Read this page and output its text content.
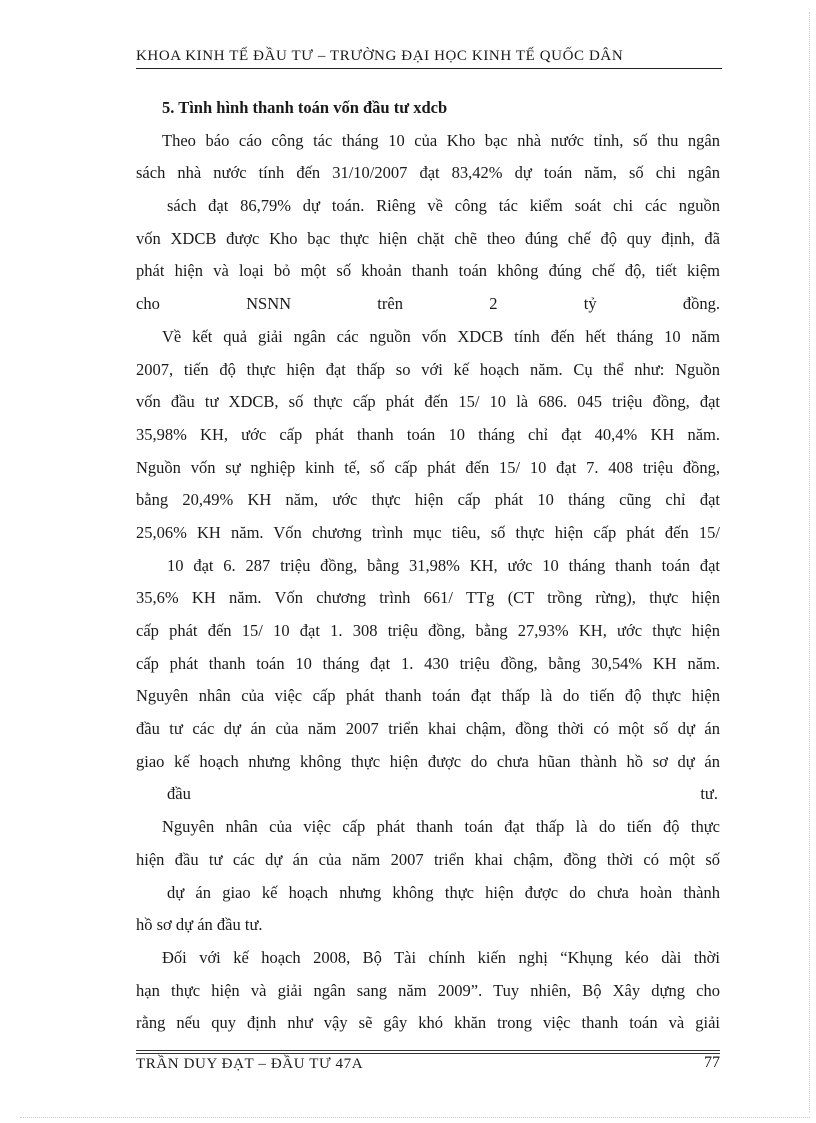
KHOA KINH TẾ ĐẦU TƯ – TRƯỜNG ĐẠI HỌC KINH TẾ QUỐC DÂN
5. Tình hình thanh toán vốn đầu tư xdcb
Theo báo cáo công tác tháng 10 của Kho bạc nhà nước tỉnh, số thu ngân
sách nhà nước tính đến 31/10/2007 đạt 83,42% dự toán năm, số chi ngân
sách đạt 86,79% dự toán. Riêng về công tác kiểm soát chi các nguồn
vốn XDCB được Kho bạc thực hiện chặt chẽ theo đúng chế độ quy định, đã
phát hiện và loại bỏ một số khoản thanh toán không đúng chế độ, tiết kiệm
cho NSNN trên 2 tỷ đồng.
Về kết quả giải ngân các nguồn vốn XDCB tính đến hết tháng 10 năm
2007, tiến độ thực hiện đạt thấp so với kế hoạch năm. Cụ thể như: Nguồn
vốn đầu tư XDCB, số thực cấp phát đến 15/ 10 là 686. 045 triệu đồng, đạt
35,98% KH, ước cấp phát thanh toán 10 tháng chỉ đạt 40,4% KH năm.
Nguồn vốn sự nghiệp kinh tế, số cấp phát đến 15/ 10 đạt 7. 408 triệu đồng,
bằng 20,49% KH năm, ước thực hiện cấp phát 10 tháng cũng chỉ đạt
25,06% KH năm. Vốn chương trình mục tiêu, số thực hiện cấp phát đến 15/
10 đạt 6. 287 triệu đồng, bằng 31,98% KH, ước 10 tháng thanh toán đạt
35,6% KH năm. Vốn chương trình 661/ TTg (CT trồng rừng), thực hiện
cấp phát đến 15/ 10 đạt 1. 308 triệu đồng, bằng 27,93% KH, ước thực hiện
cấp phát thanh toán 10 tháng đạt 1. 430 triệu đồng, bằng 30,54% KH năm.
Nguyên nhân của việc cấp phát thanh toán đạt thấp là do tiến độ thực hiện
đầu tư các dự án của năm 2007 triển khai chậm, đồng thời có một số dự án
giao kế hoạch nhưng không thực hiện được do chưa hũan thành hồ sơ dự án
đầu tư.
Nguyên nhân của việc cấp phát thanh toán đạt thấp là do tiến độ thực
hiện đầu tư các dự án của năm 2007 triển khai chậm, đồng thời có một số
dự án giao kế hoạch nhưng không thực hiện được do chưa hoàn thành
hồ sơ dự án đầu tư.
Đối với kế hoạch 2008, Bộ Tài chính kiến nghị “Khụng kéo dài thời
hạn thực hiện và giải ngân sang năm 2009”. Tuy nhiên, Bộ Xây dựng cho
rằng nếu quy định như vậy sẽ gây khó khăn trong việc thanh toán và giải
TRẦN DUY ĐẠT – ĐẦU TƯ 47A	77
